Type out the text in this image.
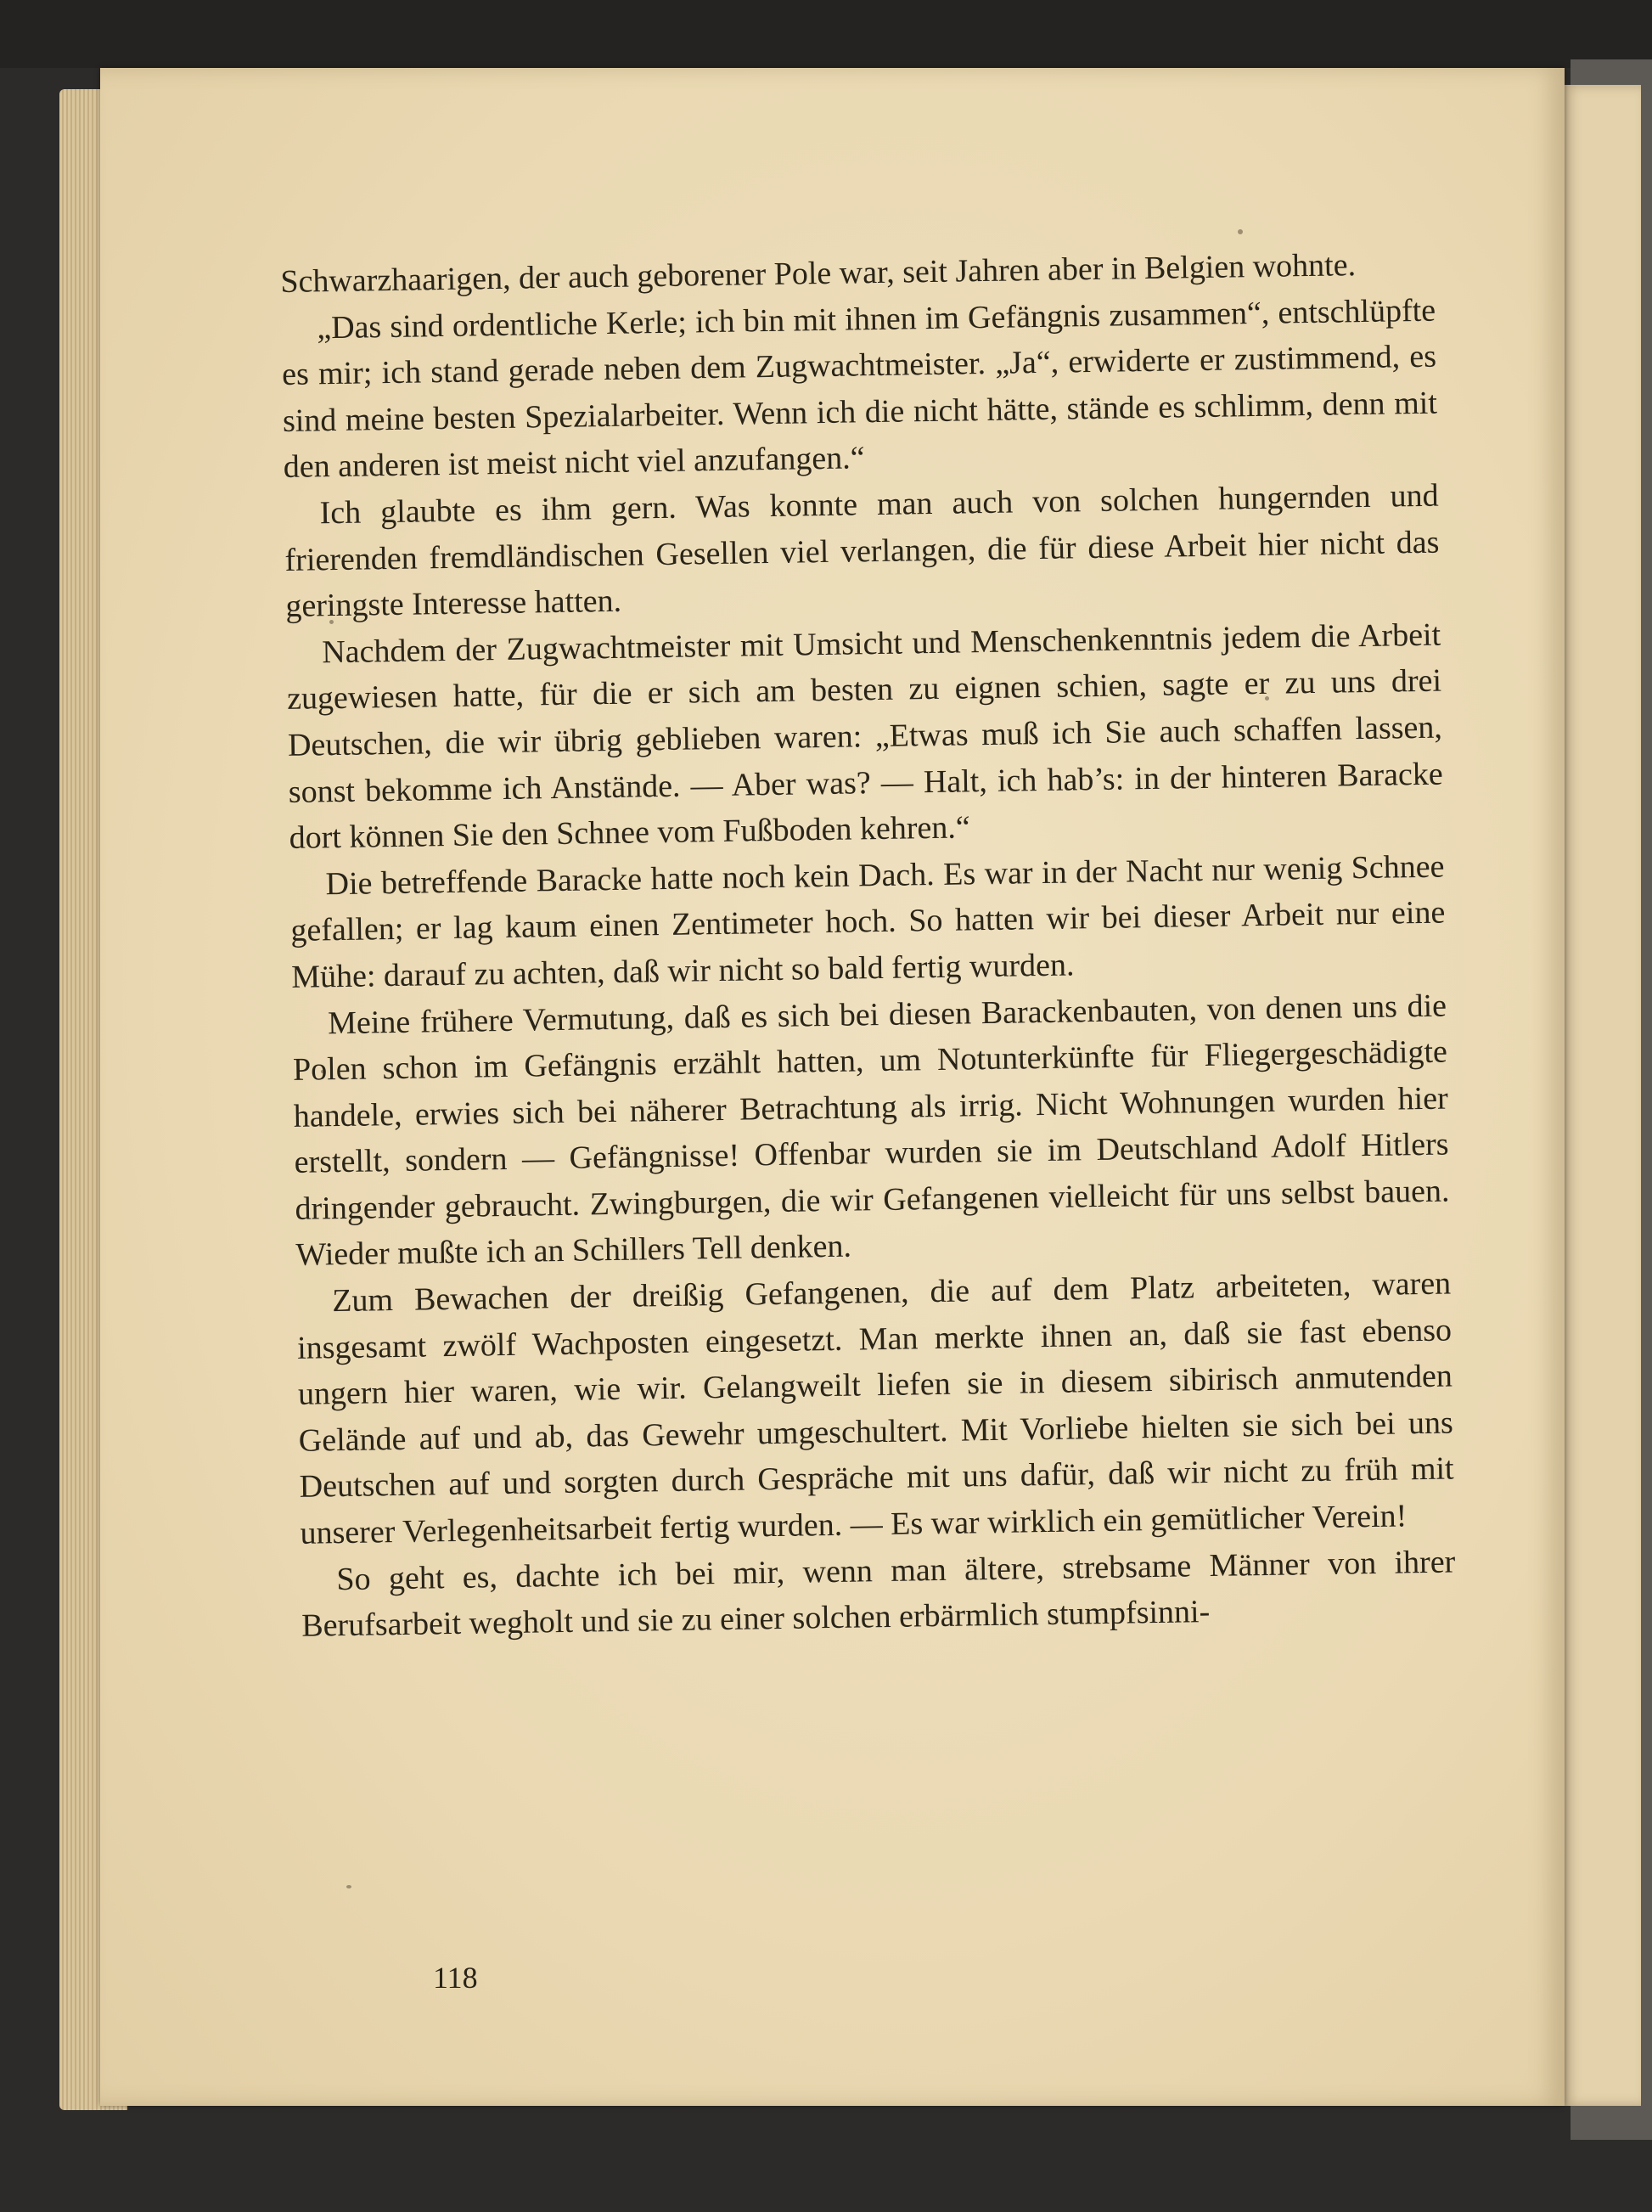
Schwarzhaarigen, der auch geborener Pole war, seit Jahren aber in Belgien wohnte.

„Das sind ordentliche Kerle; ich bin mit ihnen im Gefängnis zusammen“, entschlüpfte es mir; ich stand gerade neben dem Zugwachtmeister. „Ja“, erwiderte er zustimmend, es sind meine besten Spezialarbeiter. Wenn ich die nicht hätte, stände es schlimm, denn mit den anderen ist meist nicht viel anzufangen.“

Ich glaubte es ihm gern. Was konnte man auch von solchen hungernden und frierenden fremdländischen Gesellen viel verlangen, die für diese Arbeit hier nicht das geringste Interesse hatten.

Nachdem der Zugwachtmeister mit Umsicht und Menschenkenntnis jedem die Arbeit zugewiesen hatte, für die er sich am besten zu eignen schien, sagte er zu uns drei Deutschen, die wir übrig geblieben waren: „Etwas muß ich Sie auch schaffen lassen, sonst bekomme ich Anstände. — Aber was? — Halt, ich hab’s: in der hinteren Baracke dort können Sie den Schnee vom Fußboden kehren.“

Die betreffende Baracke hatte noch kein Dach. Es war in der Nacht nur wenig Schnee gefallen; er lag kaum einen Zentimeter hoch. So hatten wir bei dieser Arbeit nur eine Mühe: darauf zu achten, daß wir nicht so bald fertig wurden.

Meine frühere Vermutung, daß es sich bei diesen Barackenbauten, von denen uns die Polen schon im Gefängnis erzählt hatten, um Notunterkünfte für Fliegergeschädigte handele, erwies sich bei näherer Betrachtung als irrig. Nicht Wohnungen wurden hier erstellt, sondern — Gefängnisse! Offenbar wurden sie im Deutschland Adolf Hitlers dringender gebraucht. Zwingburgen, die wir Gefangenen vielleicht für uns selbst bauen. Wieder mußte ich an Schillers Tell denken.

Zum Bewachen der dreißig Gefangenen, die auf dem Platz arbeiteten, waren insgesamt zwölf Wachposten eingesetzt. Man merkte ihnen an, daß sie fast ebenso ungern hier waren, wie wir. Gelangweilt liefen sie in diesem sibirisch anmutenden Gelände auf und ab, das Gewehr umgeschultert. Mit Vorliebe hielten sie sich bei uns Deutschen auf und sorgten durch Gespräche mit uns dafür, daß wir nicht zu früh mit unserer Verlegenheitsarbeit fertig wurden. — Es war wirklich ein gemütlicher Verein!

So geht es, dachte ich bei mir, wenn man ältere, strebsame Männer von ihrer Berufsarbeit wegholt und sie zu einer solchen erbärmlich stumpfsinni-

118
